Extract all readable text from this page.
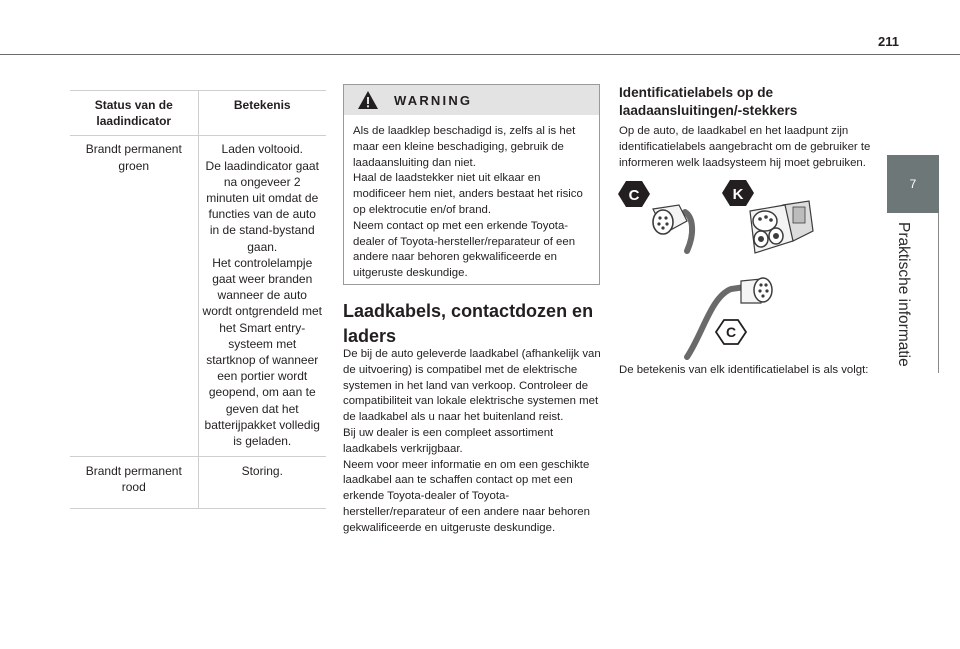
211
7
Praktische informatie
Status van de laadindicator	Betekenis
Brandt permanent groen	Laden voltooid.
De laadindicator gaat na ongeveer 2 minuten uit omdat de functies van de auto in de stand-bystand gaan.
Het controlelampje gaat weer branden wanneer de auto wordt ontgrendeld met het Smart entry-systeem met startknop of wanneer een portier wordt geopend, om aan te geven dat het batterijpakket volledig is geladen.
Brandt permanent rood	Storing.
WARNING

Als de laadklep beschadigd is, zelfs al is het maar een kleine beschadiging, gebruik de laadaansluiting dan niet.

Haal de laadstekker niet uit elkaar en modificeer hem niet, anders bestaat het risico op elektrocutie en/of brand.

Neem contact op met een erkende Toyota-dealer of Toyota-hersteller/reparateur of een andere naar behoren gekwalificeerde en uitgeruste deskundige.

Laadkabels, contactdozen en laders

De bij de auto geleverde laadkabel (afhankelijk van de uitvoering) is compatibel met de elektrische systemen in het land van verkoop. Controleer de compatibiliteit van lokale elektrische systemen met de laadkabel als u naar het buitenland reist.

Bij uw dealer is een compleet assortiment laadkabels verkrijgbaar.

Neem voor meer informatie en om een geschikte laadkabel aan te schaffen contact op met een erkende Toyota-dealer of Toyota-hersteller/reparateur of een andere naar behoren gekwalificeerde en uitgeruste deskundige.

Identificatielabels op de laadaansluitingen/-stekkers
Op de auto, de laadkabel en het laadpunt zijn identificatielabels aangebracht om de gebruiker te informeren welk laadsysteem hij moet gebruiken.
C	K
C
De betekenis van elk identificatielabel is als volgt:
